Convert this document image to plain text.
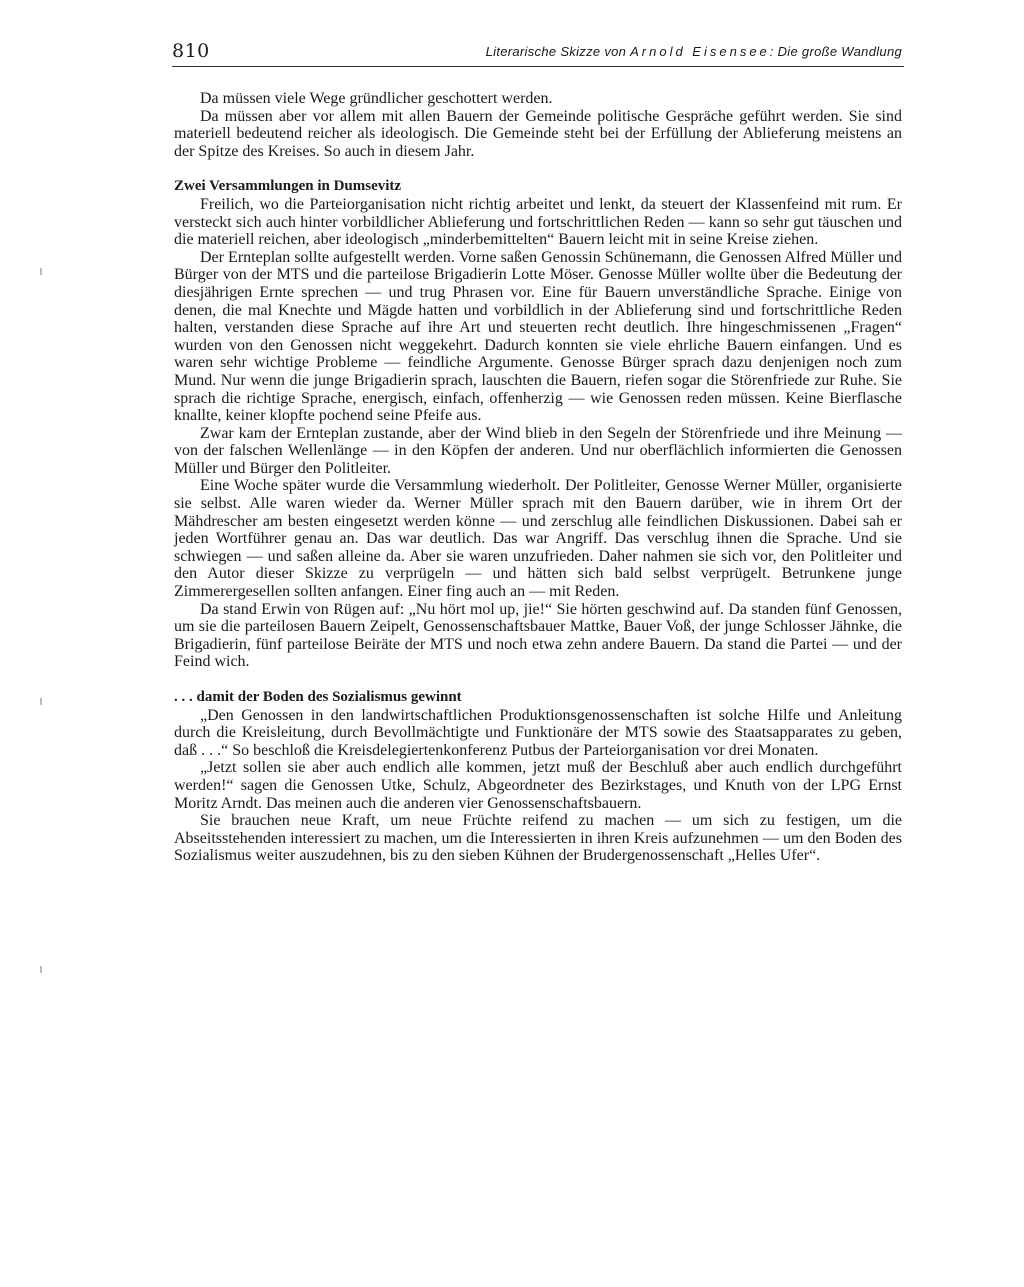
810	Literarische Skizze von Arnold Eisensee: Die große Wandlung

Da müssen viele Wege gründlicher geschottert werden.

Da müssen aber vor allem mit allen Bauern der Gemeinde politische Gespräche geführt werden. Sie sind materiell bedeutend reicher als ideologisch. Die Gemeinde steht bei der Erfüllung der Ablieferung meistens an der Spitze des Kreises. So auch in diesem Jahr.

Zwei Versammlungen in Dumsevitz

Freilich, wo die Parteiorganisation nicht richtig arbeitet und lenkt, da steuert der Klassenfeind mit rum. Er versteckt sich auch hinter vorbildlicher Ablieferung und fortschrittlichen Reden — kann so sehr gut täuschen und die materiell reichen, aber ideologisch „minderbemittelten“ Bauern leicht mit in seine Kreise ziehen.

Der Ernteplan sollte aufgestellt werden. Vorne saßen Genossin Schünemann, die Genossen Alfred Müller und Bürger von der MTS und die parteilose Brigadierin Lotte Möser. Genosse Müller wollte über die Bedeutung der diesjährigen Ernte sprechen — und trug Phrasen vor. Eine für Bauern unverständliche Sprache. Einige von denen, die mal Knechte und Mägde hatten und vorbildlich in der Ablieferung sind und fortschrittliche Reden halten, verstanden diese Sprache auf ihre Art und steuerten recht deutlich. Ihre hingeschmissenen „Fragen“ wurden von den Genossen nicht weggekehrt. Dadurch konnten sie viele ehrliche Bauern einfangen. Und es waren sehr wichtige Probleme — feindliche Argumente. Genosse Bürger sprach dazu denjenigen noch zum Mund. Nur wenn die junge Brigadierin sprach, lauschten die Bauern, riefen sogar die Störenfriede zur Ruhe. Sie sprach die richtige Sprache, energisch, einfach, offenherzig — wie Genossen reden müssen. Keine Bierflasche knallte, keiner klopfte pochend seine Pfeife aus.

Zwar kam der Ernteplan zustande, aber der Wind blieb in den Segeln der Störenfriede und ihre Meinung — von der falschen Wellenlänge — in den Köpfen der anderen. Und nur oberflächlich informierten die Genossen Müller und Bürger den Politleiter.

Eine Woche später wurde die Versammlung wiederholt. Der Politleiter, Genosse Werner Müller, organisierte sie selbst. Alle waren wieder da. Werner Müller sprach mit den Bauern darüber, wie in ihrem Ort der Mähdrescher am besten eingesetzt werden könne — und zerschlug alle feindlichen Diskussionen. Dabei sah er jeden Wortführer genau an. Das war deutlich. Das war Angriff. Das verschlug ihnen die Sprache. Und sie schwiegen — und saßen alleine da. Aber sie waren unzufrieden. Daher nahmen sie sich vor, den Politleiter und den Autor dieser Skizze zu verprügeln — und hätten sich bald selbst verprügelt. Betrunkene junge Zimmerergesellen sollten anfangen. Einer fing auch an — mit Reden.

Da stand Erwin von Rügen auf: „Nu hört mol up, jie!“ Sie hörten geschwind auf. Da standen fünf Genossen, um sie die parteilosen Bauern Zeipelt, Genossenschaftsbauer Mattke, Bauer Voß, der junge Schlosser Jähnke, die Brigadierin, fünf parteilose Beiräte der MTS und noch etwa zehn andere Bauern. Da stand die Partei — und der Feind wich.

. . . damit der Boden des Sozialismus gewinnt

„Den Genossen in den landwirtschaftlichen Produktionsgenossenschaften ist solche Hilfe und Anleitung durch die Kreisleitung, durch Bevollmächtigte und Funktionäre der MTS sowie des Staatsapparates zu geben, daß . . .“ So beschloß die Kreisdelegiertenkonferenz Putbus der Parteiorganisation vor drei Monaten.

„Jetzt sollen sie aber auch endlich alle kommen, jetzt muß der Beschluß aber auch endlich durchgeführt werden!“ sagen die Genossen Utke, Schulz, Abgeordneter des Bezirkstages, und Knuth von der LPG Ernst Moritz Arndt. Das meinen auch die anderen vier Genossenschaftsbauern.

Sie brauchen neue Kraft, um neue Früchte reifend zu machen — um sich zu festigen, um die Abseitsstehenden interessiert zu machen, um die Interessierten in ihren Kreis aufzunehmen — um den Boden des Sozialismus weiter auszudehnen, bis zu den sieben Kühnen der Brudergenossenschaft „Helles Ufer“.
